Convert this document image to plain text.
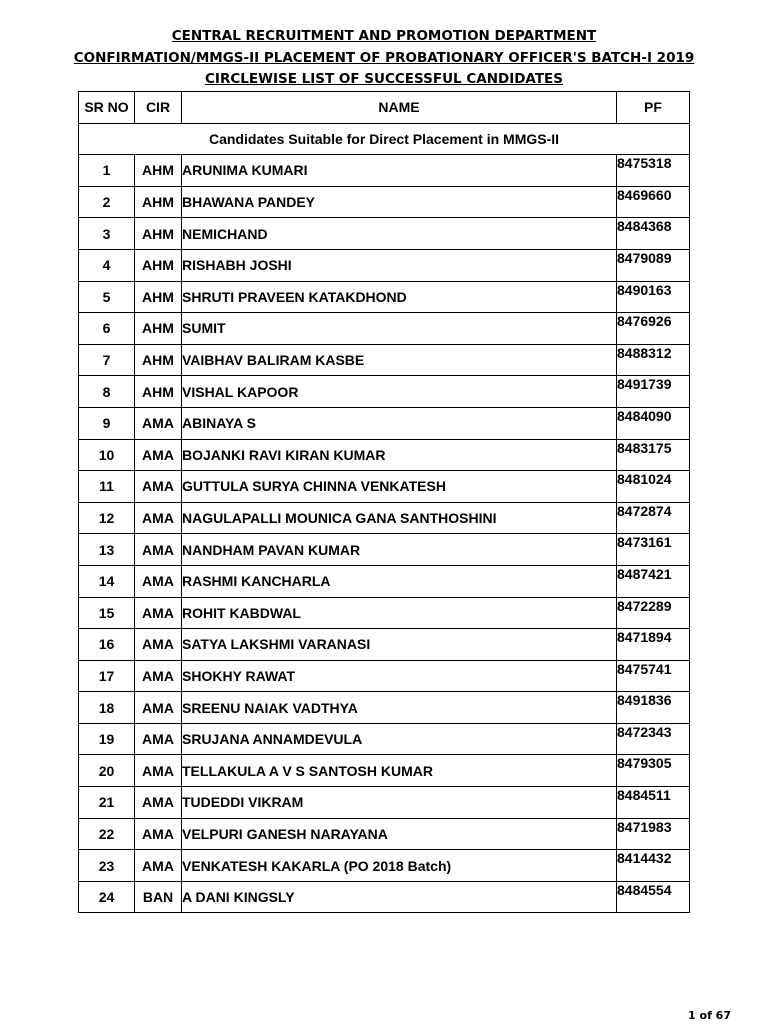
CENTRAL RECRUITMENT AND PROMOTION DEPARTMENT
CONFIRMATION/MMGS-II PLACEMENT OF PROBATIONARY OFFICER'S BATCH-I 2019
CIRCLEWISE LIST OF SUCCESSFUL CANDIDATES
SR NO	CIR	NAME	PF
Candidates Suitable for Direct Placement in MMGS-II			
1	AHM	ARUNIMA KUMARI	8475318
2	AHM	BHAWANA PANDEY	8469660
3	AHM	NEMICHAND	8484368
4	AHM	RISHABH JOSHI	8479089
5	AHM	SHRUTI PRAVEEN KATAKDHOND	8490163
6	AHM	SUMIT	8476926
7	AHM	VAIBHAV BALIRAM KASBE	8488312
8	AHM	VISHAL KAPOOR	8491739
9	AMA	ABINAYA S	8484090
10	AMA	BOJANKI RAVI KIRAN KUMAR	8483175
11	AMA	GUTTULA SURYA CHINNA VENKATESH	8481024
12	AMA	NAGULAPALLI MOUNICA GANA SANTHOSHINI	8472874
13	AMA	NANDHAM PAVAN KUMAR	8473161
14	AMA	RASHMI KANCHARLA	8487421
15	AMA	ROHIT KABDWAL	8472289
16	AMA	SATYA LAKSHMI VARANASI	8471894
17	AMA	SHOKHY RAWAT	8475741
18	AMA	SREENU NAIAK VADTHYA	8491836
19	AMA	SRUJANA ANNAMDEVULA	8472343
20	AMA	TELLAKULA A V S SANTOSH KUMAR	8479305
21	AMA	TUDEDDI VIKRAM	8484511
22	AMA	VELPURI GANESH NARAYANA	8471983
23	AMA	VENKATESH KAKARLA (PO 2018 Batch)	8414432
24	BAN	A DANI KINGSLY	8484554
1 of 67
